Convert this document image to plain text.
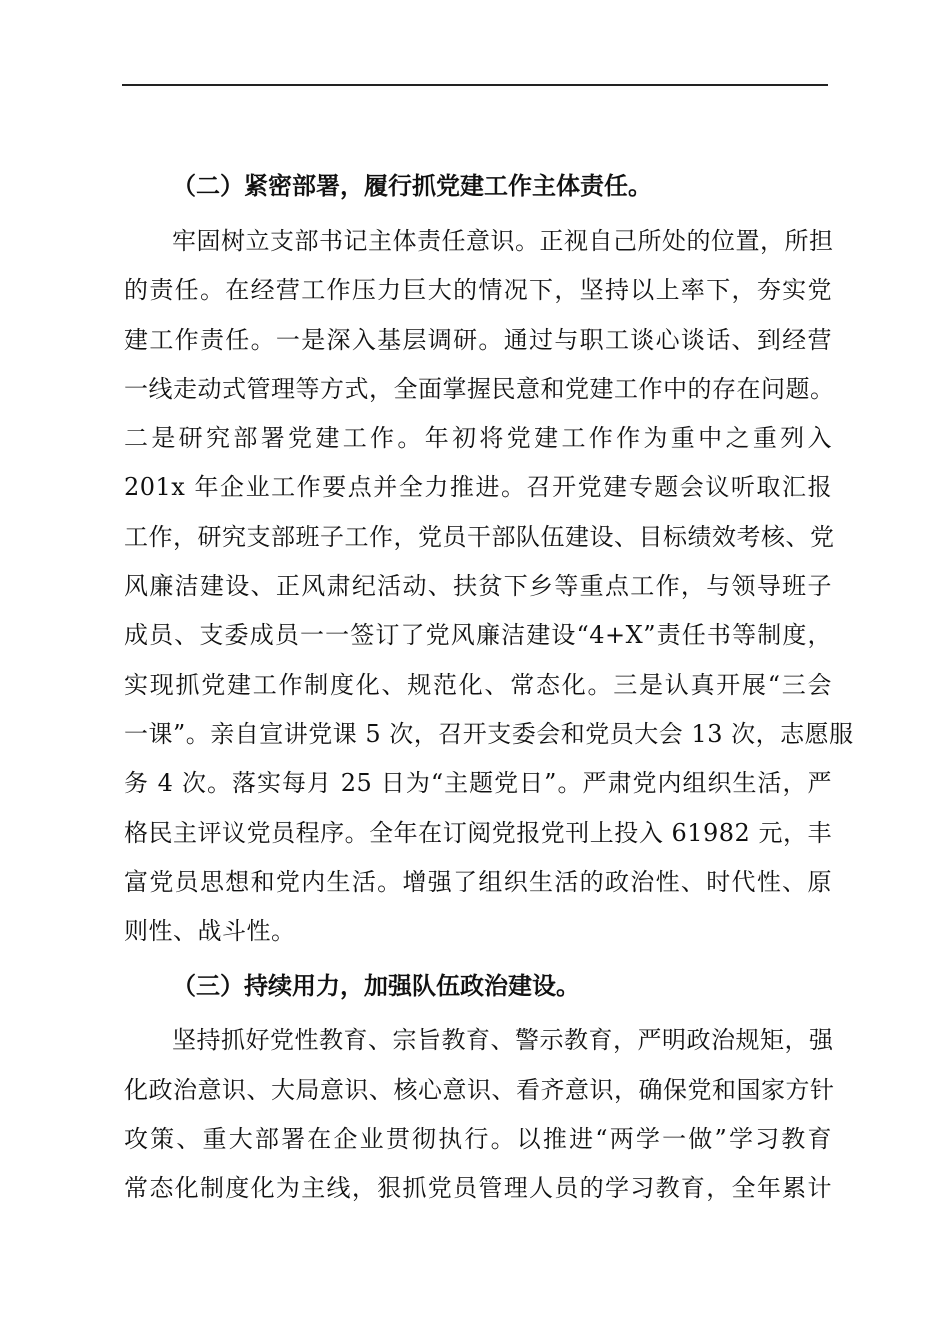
（二）紧密部署，履行抓党建工作主体责任。
牢固树立支部书记主体责任意识。正视自己所处的位置，所担
的责任。在经营工作压力巨大的情况下，坚持以上率下，夯实党
建工作责任。一是深入基层调研。通过与职工谈心谈话、到经营
一线走动式管理等方式，全面掌握民意和党建工作中的存在问题。
二是研究部署党建工作。年初将党建工作作为重中之重列入
201x 年企业工作要点并全力推进。召开党建专题会议听取汇报
工作，研究支部班子工作，党员干部队伍建设、目标绩效考核、党
风廉洁建设、正风肃纪活动、扶贫下乡等重点工作，与领导班子
成员、支委成员一一签订了党风廉洁建设“4+X”责任书等制度，
实现抓党建工作制度化、规范化、常态化。三是认真开展“三会
一课”。亲自宣讲党课 5 次，召开支委会和党员大会 13 次，志愿服
务 4 次。落实每月 25 日为“主题党日”。严肃党内组织生活，严
格民主评议党员程序。全年在订阅党报党刊上投入 61982 元，丰
富党员思想和党内生活。增强了组织生活的政治性、时代性、原
则性、战斗性。
（三）持续用力，加强队伍政治建设。
坚持抓好党性教育、宗旨教育、警示教育，严明政治规矩，强
化政治意识、大局意识、核心意识、看齐意识，确保党和国家方针
攻策、重大部署在企业贯彻执行。以推进“两学一做”学习教育
常态化制度化为主线，狠抓党员管理人员的学习教育，全年累计
